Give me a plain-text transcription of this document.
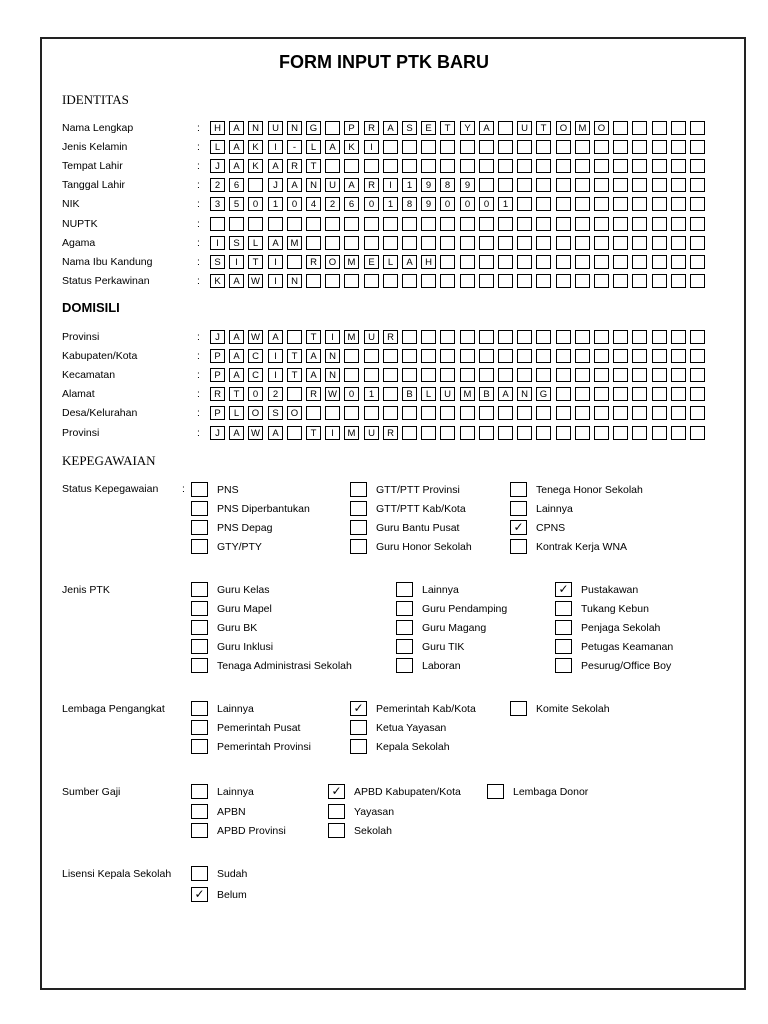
FORM INPUT PTK BARU
IDENTITAS
Nama Lengkap	:	H	A	N	U	N	G	P	R	A	S	E	T	Y	A	U	T	O	M	O
Jenis Kelamin	:	L	A	K	I	-	L	A	K	I
Tempat Lahir	:	J	A	K	A	R	T
Tanggal Lahir	:	2	6	J	A	N	U	A	R	I	1	9	8	9
NIK	:	3	5	0	1	0	4	2	6	0	1	8	9	0	0	0	1
NUPTK	:
Agama	:	I	S	L	A	M
Nama Ibu Kandung	:	S	I	T	I	R	O	M	E	L	A	H
Status Perkawinan	:	K	A	W	I	N
DOMISILI
Provinsi	:	J	A	W	A	T	I	M	U	R
Kabupaten/Kota	:	P	A	C	I	T	A	N
Kecamatan	:	P	A	C	I	T	A	N
Alamat	:	R	T	0	2	R	W	0	1	B	L	U	M	B	A	N	G
Desa/Kelurahan	:	P	L	O	S	O
Provinsi	:	J	A	W	A	T	I	M	U	R
KEPEGAWAIAN
Status Kepegawaian :	PNS
PNS Diperbantukan
PNS Depag
GTY/PTY
GTT/PTT Provinsi
GTT/PTT Kab/Kota
Guru Bantu Pusat
Guru Honor Sekolah
Tenega Honor Sekolah
Lainnya
✓	CPNS
Kontrak Kerja WNA
Jenis PTK	Guru Kelas
Guru Mapel
Guru BK
Guru Inklusi
Tenaga Administrasi Sekolah
Lainnya
Guru Pendamping
Guru Magang
Guru TIK
Laboran
✓	Pustakawan
Tukang Kebun
Penjaga Sekolah
Petugas Keamanan
Pesurug/Office Boy
Lembaga Pengangkat	Lainnya
Pemerintah Pusat
Pemerintah Provinsi
✓	Pemerintah Kab/Kota
Ketua Yayasan
Kepala Sekolah
Komite Sekolah
Sumber Gaji	Lainnya
APBN
APBD Provinsi
✓	APBD Kabupaten/Kota
Yayasan
Sekolah
Lembaga Donor
Lisensi Kepala Sekolah	Sudah
✓	Belum
